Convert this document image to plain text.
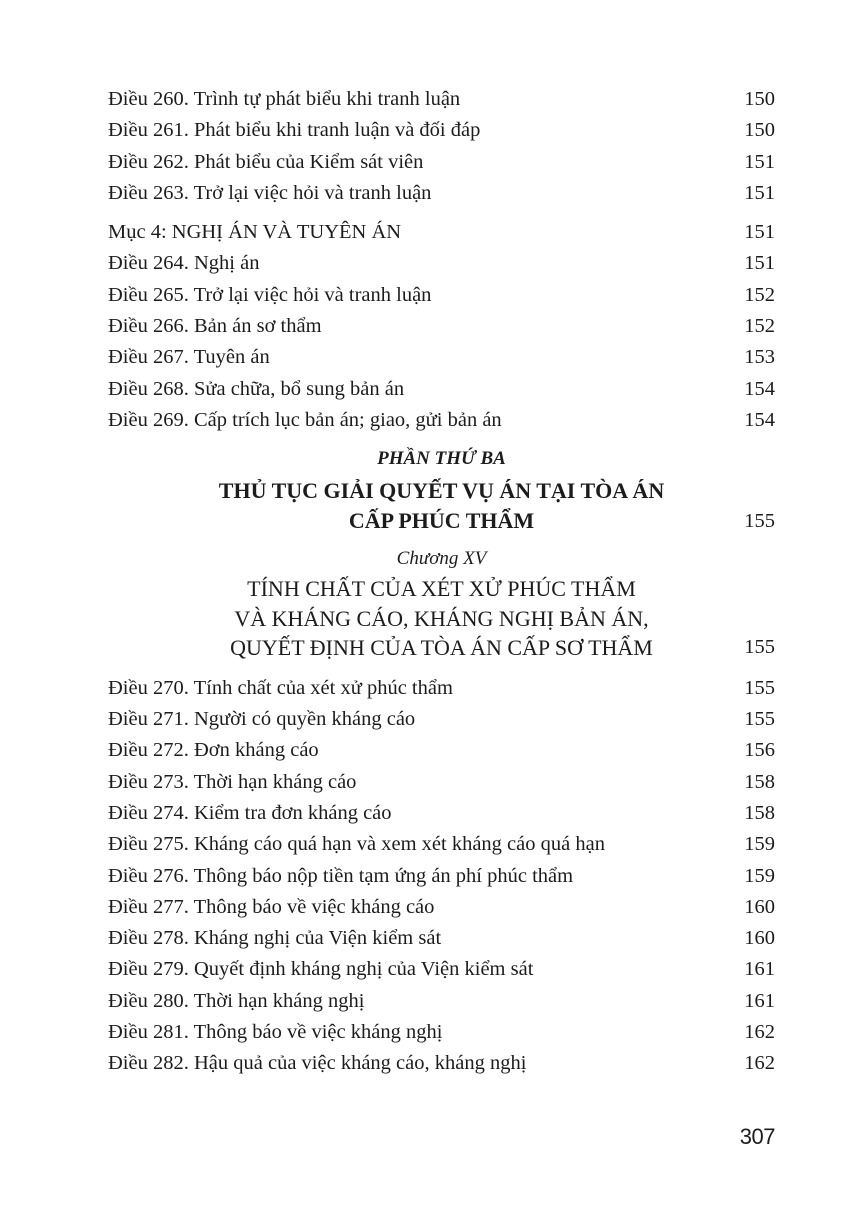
Điều 260. Trình tự phát biểu khi tranh luận	150
Điều 261. Phát biểu khi tranh luận và đối đáp	150
Điều 262. Phát biểu của Kiểm sát viên	151
Điều 263. Trở lại việc hỏi và tranh luận	151
Mục 4: NGHỊ ÁN VÀ TUYÊN ÁN	151
Điều 264. Nghị án	151
Điều 265. Trở lại việc hỏi và tranh luận	152
Điều 266. Bản án sơ thẩm	152
Điều 267. Tuyên án	153
Điều 268. Sửa chữa, bổ sung bản án	154
Điều 269. Cấp trích lục bản án; giao, gửi bản án	154
PHẦN THỨ BA
THỦ TỤC GIẢI QUYẾT VỤ ÁN TẠI TÒA ÁN
CẤP PHÚC THẨM	155
Chương XV
TÍNH CHẤT CỦA XÉT XỬ PHÚC THẨM
VÀ KHÁNG CÁO, KHÁNG NGHỊ BẢN ÁN,
QUYẾT ĐỊNH CỦA TÒA ÁN CẤP SƠ THẨM	155
Điều 270. Tính chất của xét xử phúc thẩm	155
Điều 271. Người có quyền kháng cáo	155
Điều 272. Đơn kháng cáo	156
Điều 273. Thời hạn kháng cáo	158
Điều 274. Kiểm tra đơn kháng cáo	158
Điều 275. Kháng cáo quá hạn và xem xét kháng cáo quá hạn	159
Điều 276. Thông báo nộp tiền tạm ứng án phí phúc thẩm	159
Điều 277. Thông báo về việc kháng cáo	160
Điều 278. Kháng nghị của Viện kiểm sát	160
Điều 279. Quyết định kháng nghị của Viện kiểm sát	161
Điều 280. Thời hạn kháng nghị	161
Điều 281. Thông báo về việc kháng nghị	162
Điều 282. Hậu quả của việc kháng cáo, kháng nghị	162
307
